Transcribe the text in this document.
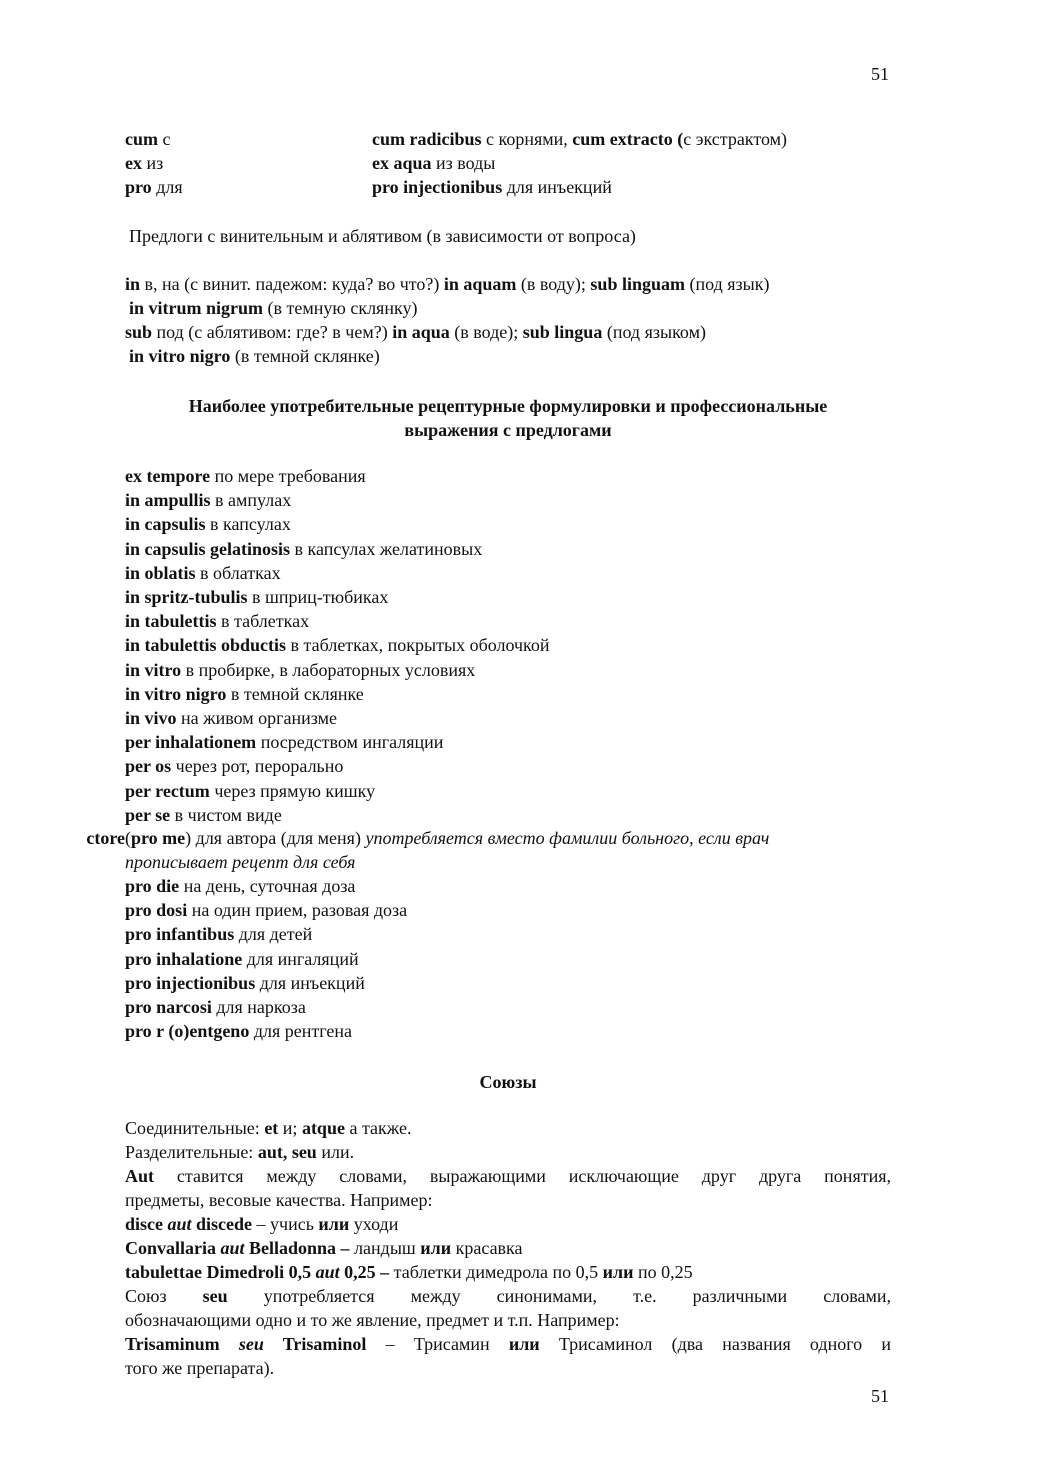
51
cum с	cum radicibus с корнями, cum extracto (с экстрактом)
ex из	ex aqua из воды
pro для	pro injectionibus для инъекций
Предлоги с винительным и аблятивом (в зависимости от вопроса)
in в, на (с винит. падежом: куда? во что?) in aquam (в воду); sub linguam (под язык)
in vitrum nigrum (в темную склянку)
sub под (с аблятивом: где? в чем?) in aqua (в воде); sub lingua (под языком)
in vitro nigro (в темной склянке)
Наиболее употребительные рецептурные формулировки и профессиональные
выражения с предлогами
ex tempore по мере требования
in ampullis в ампулах
in capsulis в капсулах
in capsulis gelatinosis в капсулах желатиновых
in oblatis в облатках
in spritz-tubulis в шприц-тюбиках
in tabulettis в таблетках
in tabulettis obductis в таблетках, покрытых оболочкой
in vitro в пробирке, в лабораторных условиях
in vitro nigro в темной склянке
in vivo на живом организме
per inhalationem посредством ингаляции
per os через рот, перорально
per rectum через прямую кишку
per se в чистом виде
ctore (pro me) для автора (для меня) употребляется вместо фамилии больного, если врач
прописывает рецепт для себя
pro die на день, суточная доза
pro dosi на один прием, разовая доза
pro infantibus для детей
pro inhalatione для ингаляций
pro injectionibus для инъекций
pro narcosi для наркоза
pro r (o)entgeno для рентгена
Союзы
Соединительные: et и; atque а также.
Разделительные: aut, seu или.
Aut ставится между словами, выражающими исключающие друг друга понятия,
предметы, весовые качества. Например:
disce aut discede – учись или уходи
Convallaria aut Belladonna – ландыш или красавка
tabulettae Dimedroli 0,5 aut 0,25 – таблетки димедрола по 0,5 или по 0,25
Союз seu употребляется между синонимами, т.е. различными словами,
обозначающими одно и то же явление, предмет и т.п. Например:
Trisaminum seu Trisaminol – Трисамин или Трисаминол (два названия одного и
того же препарата).
51
